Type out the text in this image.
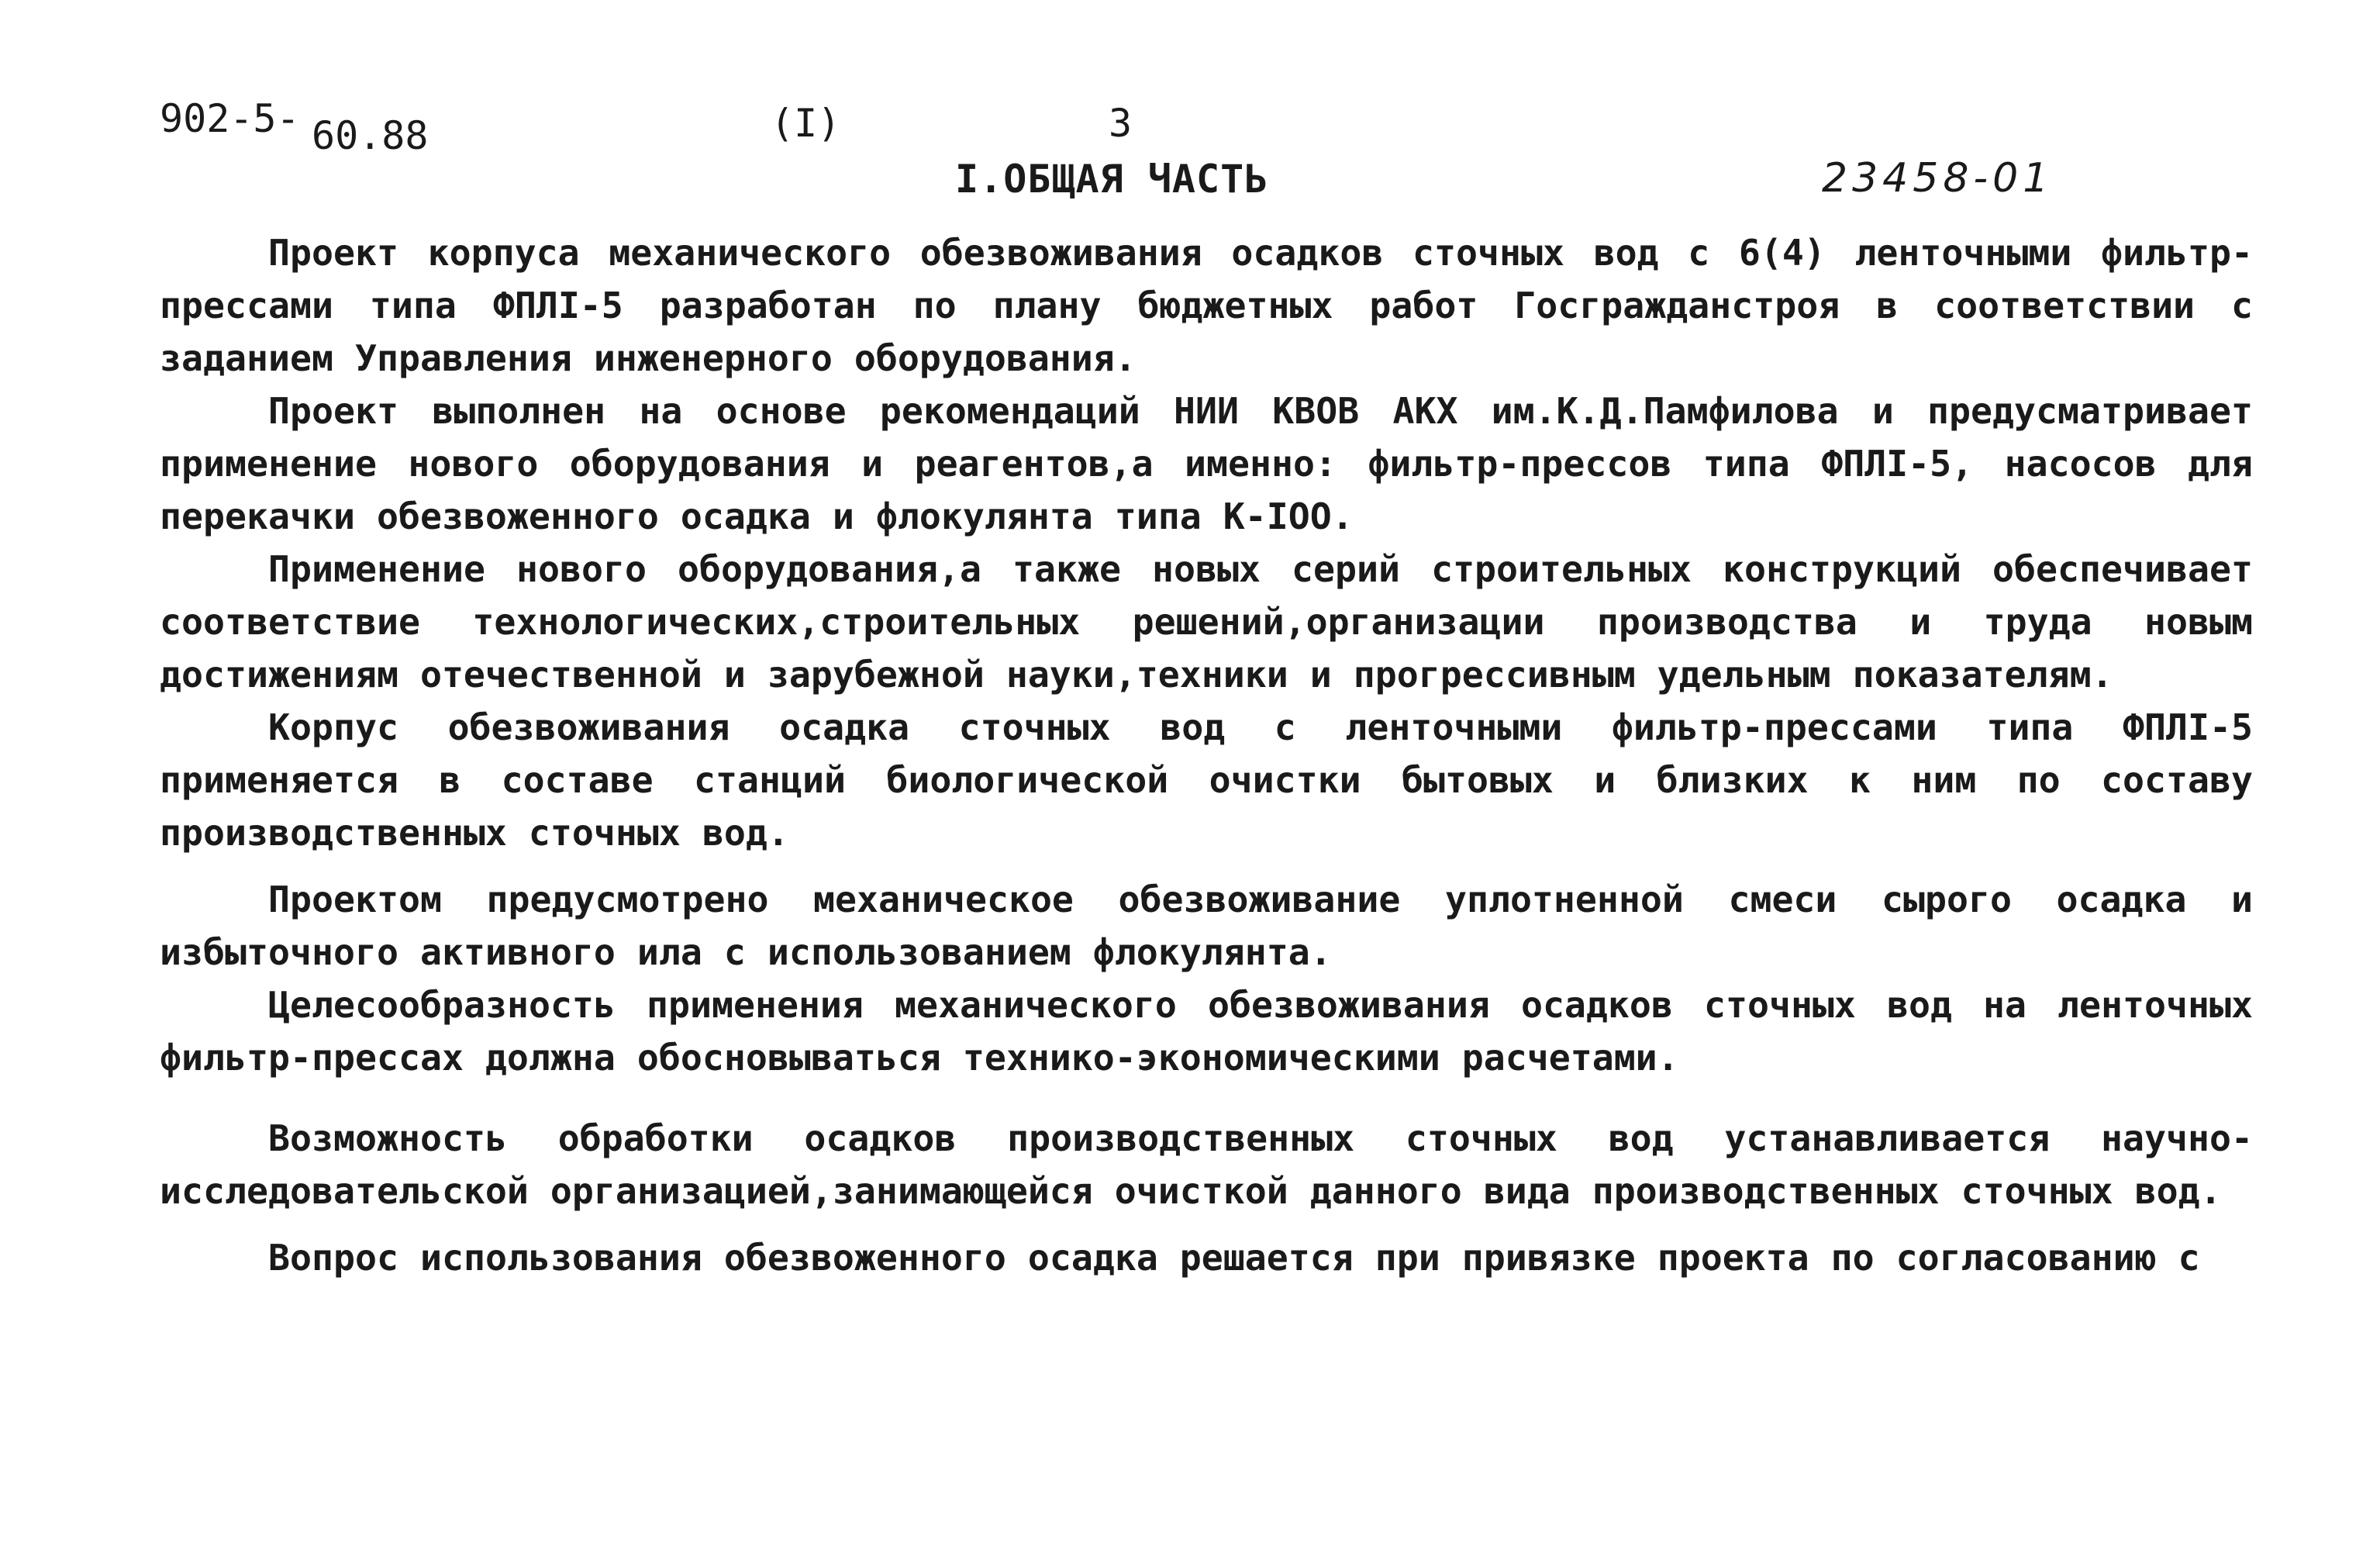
902-5- 60.88	(I)	3
I.ОБЩАЯ ЧАСТЬ	23458-01

Проект корпуса механического обезвоживания осадков сточных вод с 6(4) ленточными фильтр-прессами типа ФПЛI-5 разработан по плану бюджетных работ Госгражданстроя в соответствии с заданием Управления инженерного оборудования.

Проект выполнен на основе рекомендаций НИИ КВОВ АКХ им.К.Д.Памфилова и предусматривает применение нового оборудования и реагентов,а именно: фильтр-прессов типа ФПЛI-5, насосов для перекачки обезвоженного осадка и флокулянта типа К-IOO.

Применение нового оборудования,а также новых серий строительных конструкций обеспечивает соответствие технологических,строительных решений,организации производства и труда новым достижениям отечественной и зарубежной науки,техники и прогрессивным удельным показателям.

Корпус обезвоживания осадка сточных вод с ленточными фильтр-прессами типа ФПЛI-5 применяется в составе станций биологической очистки бытовых и близких к ним по составу производственных сточных вод.

Проектом предусмотрено механическое обезвоживание уплотненной смеси сырого осадка и избыточного активного ила с использованием флокулянта.

Целесообразность применения механического обезвоживания осадков сточных вод на ленточных фильтр-прессах должна обосновываться технико-экономическими расчетами.

Возможность обработки осадков производственных сточных вод устанавливается научно-исследовательской организацией,занимающейся очисткой данного вида производственных сточных вод.

Вопрос использования обезвоженного осадка решается при привязке проекта по согласованию с
